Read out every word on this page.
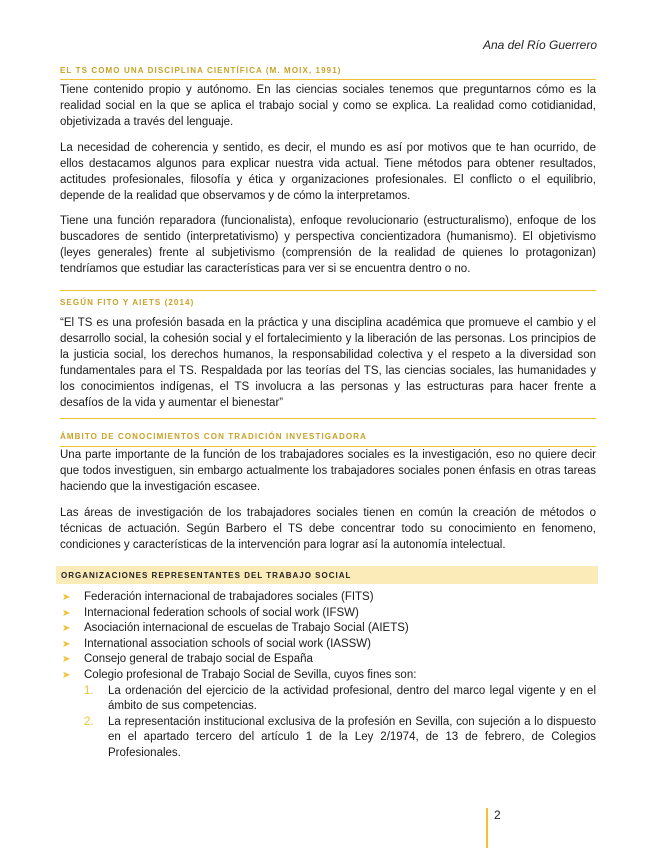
Ana del Río Guerrero
EL TS COMO UNA DISCIPLINA CIENTÍFICA (M. MOIX, 1991)
Tiene contenido propio y autónomo. En las ciencias sociales tenemos que preguntarnos cómo es la realidad social en la que se aplica el trabajo social y como se explica. La realidad como cotidianidad, objetivizada a través del lenguaje.
La necesidad de coherencia y sentido, es decir, el mundo es así por motivos que te han ocurrido, de ellos destacamos algunos para explicar nuestra vida actual. Tiene métodos para obtener resultados, actitudes profesionales, filosofía y ética y organizaciones profesionales. El conflicto o el equilibrio, depende de la realidad que observamos y de cómo la interpretamos.
Tiene una función reparadora (funcionalista), enfoque revolucionario (estructuralismo), enfoque de los buscadores de sentido (interpretativismo) y perspectiva concientizadora (humanismo). El objetivismo (leyes generales) frente al subjetivismo (comprensión de la realidad de quienes lo protagonizan) tendríamos que estudiar las características para ver si se encuentra dentro o no.
SEGÚN FITO Y AIETS (2014)
“El TS es una profesión basada en la práctica y una disciplina académica que promueve el cambio y el desarrollo social, la cohesión social y el fortalecimiento y la liberación de las personas. Los principios de la justicia social, los derechos humanos, la responsabilidad colectiva y el respeto a la diversidad son fundamentales para el TS. Respaldada por las teorías del TS, las ciencias sociales, las humanidades y los conocimientos indígenas, el TS involucra a las personas y las estructuras para hacer frente a desafíos de la vida y aumentar el bienestar”
ÁMBITO DE CONOCIMIENTOS CON TRADICIÓN INVESTIGADORA
Una parte importante de la función de los trabajadores sociales es la investigación, eso no quiere decir que todos investiguen, sin embargo actualmente los trabajadores sociales ponen énfasis en otras tareas haciendo que la investigación escasee.
Las áreas de investigación de los trabajadores sociales tienen en común la creación de métodos o técnicas de actuación. Según Barbero el TS debe concentrar todo su conocimiento en fenomeno, condiciones y características de la intervención para lograr así la autonomía intelectual.
ORGANIZACIONES REPRESENTANTES DEL TRABAJO SOCIAL
➤ Federación internacional de trabajadores sociales (FITS)
➤ Internacional federation schools of social work (IFSW)
➤ Asociación internacional de escuelas de Trabajo Social (AIETS)
➤ International association schools of social work (IASSW)
➤ Consejo general de trabajo social de España
➤ Colegio profesional de Trabajo Social de Sevilla, cuyos fines son:
1. La ordenación del ejercicio de la actividad profesional, dentro del marco legal vigente y en el ámbito de sus competencias.
2. La representación institucional exclusiva de la profesión en Sevilla, con sujeción a lo dispuesto en el apartado tercero del artículo 1 de la Ley 2/1974, de 13 de febrero, de Colegios Profesionales.
2
